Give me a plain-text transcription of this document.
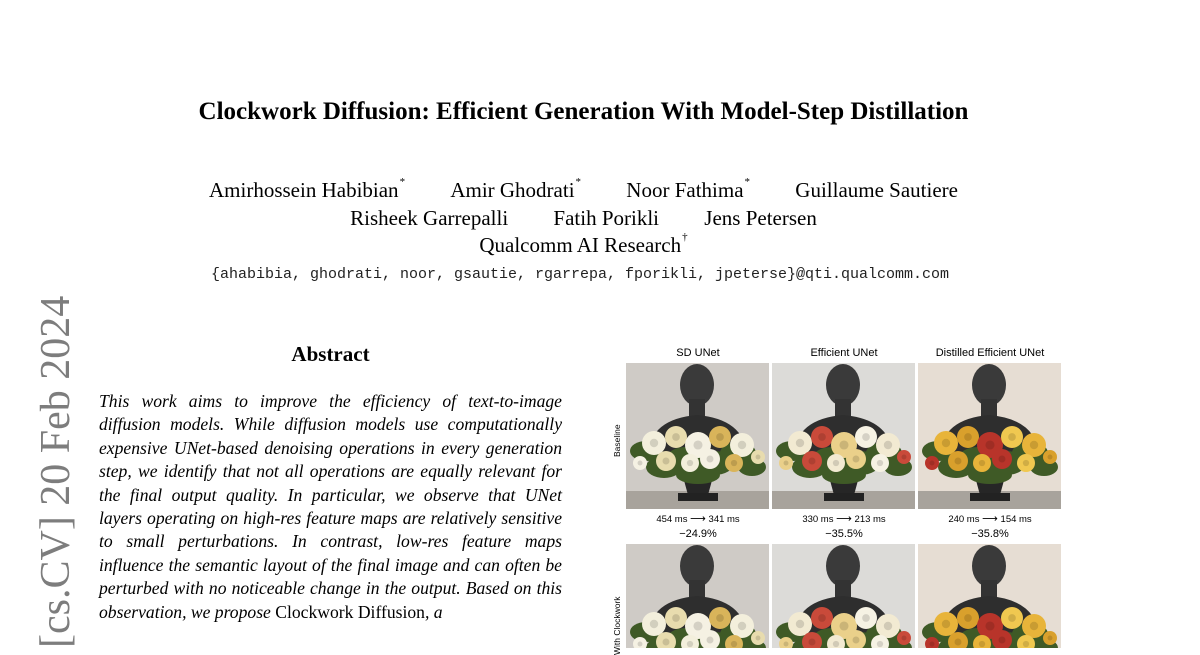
Clockwork Diffusion: Efficient Generation With Model-Step Distillation
Amirhossein Habibian* Amir Ghodrati* Noor Fathima* Guillaume Sautiere
Risheek Garrepalli Fatih Porikli Jens Petersen
Qualcomm AI Research†
{ahabibia, ghodrati, noor, gsautie, rgarrepa, fporikli, jpeterse}@qti.qualcomm.com
[cs.CV] 20 Feb 2024	Abstract
This work aims to improve the efficiency of text-to-image diffusion models. While diffusion models use computationally expensive UNet-based denoising operations in every generation step, we identify that not all operations are equally relevant for the final output quality. In particular, we observe that UNet layers operating on high-res feature maps are relatively sensitive to small perturbations. In contrast, low-res feature maps influence the semantic layout of the final image and can often be perturbed with no noticeable change in the output. Based on this observation, we propose Clockwork Diffusion, a
SD UNet	Efficient UNet	Distilled Efficient UNet
Baseline
With Clockwork
454 ms ⟶ 341 ms	330 ms ⟶ 213 ms	240 ms ⟶ 154 ms
−24.9%	−35.5%	−35.8%
